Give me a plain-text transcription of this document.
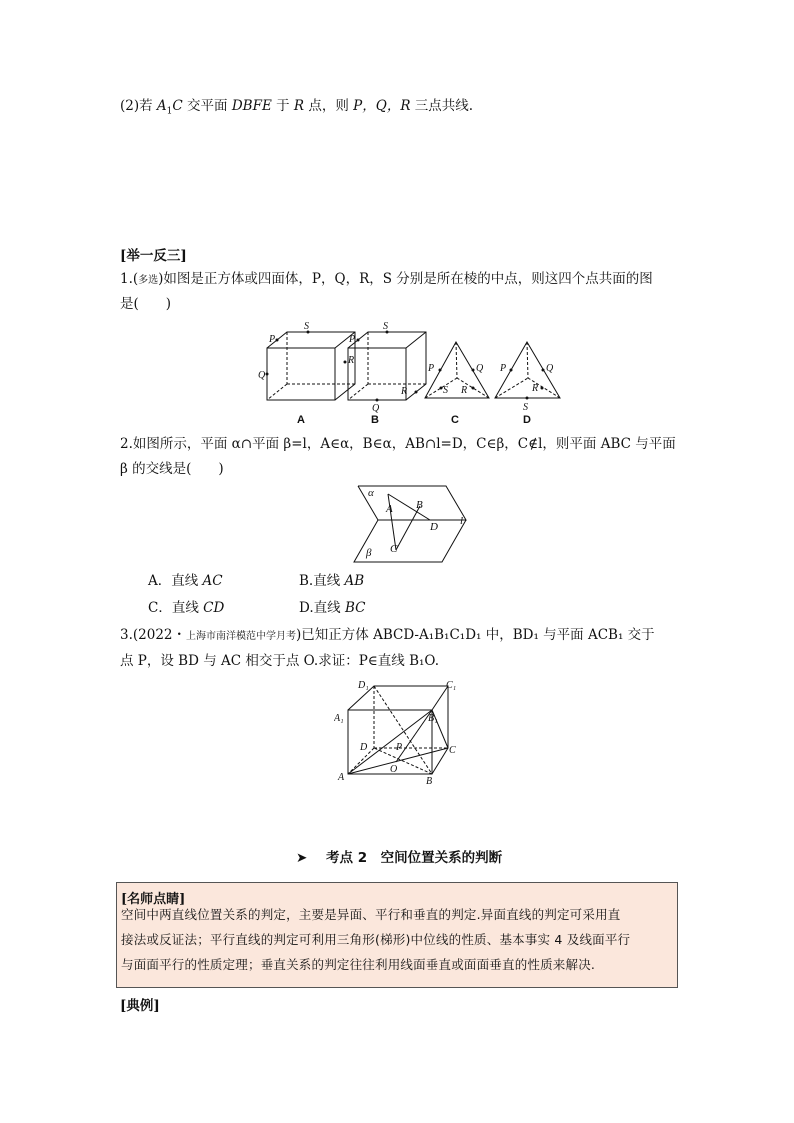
(2)若 $A_1C$ 交平面 DBFE 于 R 点，则 P，Q，R 三点共线.
[举一反三]
1.(多选)如图是正方体或四面体，P，Q，R，S 分别是所在棱的中点，则这四个点共面的图
是(　　)
S
P
R
Q
S
P
R
Q
P	Q
S R
P	Q
R
S
A	B	C	D
2.如图所示，平面 α∩平面 β=l，A∈α，B∈α，AB∩l=D，C∈β，C∉l，则平面 ABC 与平面
β 的交线是(　　)
α
β
A B
C
D l
A．直线 AC	B.直线 AB
C．直线 CD	D.直线 BC
3.(2022・上海市南洋模范中学月考)已知正方体 ABCD-A₁B₁C₁D₁ 中，BD₁ 与平面 ACB₁ 交于
点 P，设 BD 与 AC 相交于点 O.求证：P∈直线 B₁O.
D₁	C₁
A₁	B₁
D	C
A	B
P
O
➤ 考点 2　空间位置关系的判断
[名师点睛]
空间中两直线位置关系的判定，主要是异面、平行和垂直的判定.异面直线的判定可采用直
接法或反证法；平行直线的判定可利用三角形(梯形)中位线的性质、基本事实 4 及线面平行
与面面平行的性质定理；垂直关系的判定往往利用线面垂直或面面垂直的性质来解决.
[典例]
